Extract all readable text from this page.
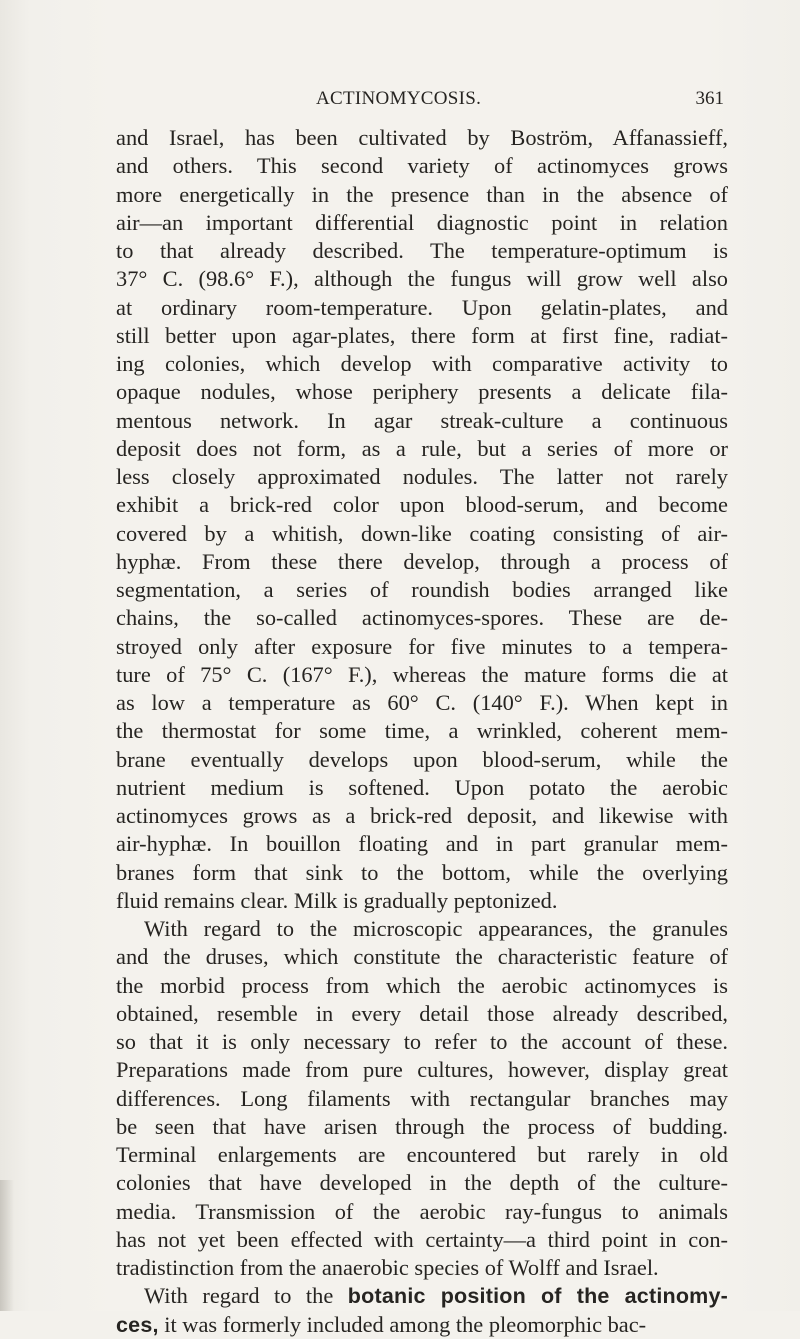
ACTINOMYCOSIS.	361
and Israel, has been cultivated by Boström, Affanassieff,
and others. This second variety of actinomyces grows
more energetically in the presence than in the absence of
air—an important differential diagnostic point in relation
to that already described. The temperature-optimum is
37° C. (98.6° F.), although the fungus will grow well also
at ordinary room-temperature. Upon gelatin-plates, and
still better upon agar-plates, there form at first fine, radiat-
ing colonies, which develop with comparative activity to
opaque nodules, whose periphery presents a delicate fila-
mentous network. In agar streak-culture a continuous
deposit does not form, as a rule, but a series of more or
less closely approximated nodules. The latter not rarely
exhibit a brick-red color upon blood-serum, and become
covered by a whitish, down-like coating consisting of air-
hyphæ. From these there develop, through a process of
segmentation, a series of roundish bodies arranged like
chains, the so-called actinomyces-spores. These are de-
stroyed only after exposure for five minutes to a tempera-
ture of 75° C. (167° F.), whereas the mature forms die at
as low a temperature as 60° C. (140° F.). When kept in
the thermostat for some time, a wrinkled, coherent mem-
brane eventually develops upon blood-serum, while the
nutrient medium is softened. Upon potato the aerobic
actinomyces grows as a brick-red deposit, and likewise with
air-hyphæ. In bouillon floating and in part granular mem-
branes form that sink to the bottom, while the overlying
fluid remains clear. Milk is gradually peptonized.
With regard to the microscopic appearances, the granules
and the druses, which constitute the characteristic feature of
the morbid process from which the aerobic actinomyces is
obtained, resemble in every detail those already described,
so that it is only necessary to refer to the account of these.
Preparations made from pure cultures, however, display great
differences. Long filaments with rectangular branches may
be seen that have arisen through the process of budding.
Terminal enlargements are encountered but rarely in old
colonies that have developed in the depth of the culture-
media. Transmission of the aerobic ray-fungus to animals
has not yet been effected with certainty—a third point in con-
tradistinction from the anaerobic species of Wolff and Israel.
With regard to the botanic position of the actinomy-
ces, it was formerly included among the pleomorphic bac-
